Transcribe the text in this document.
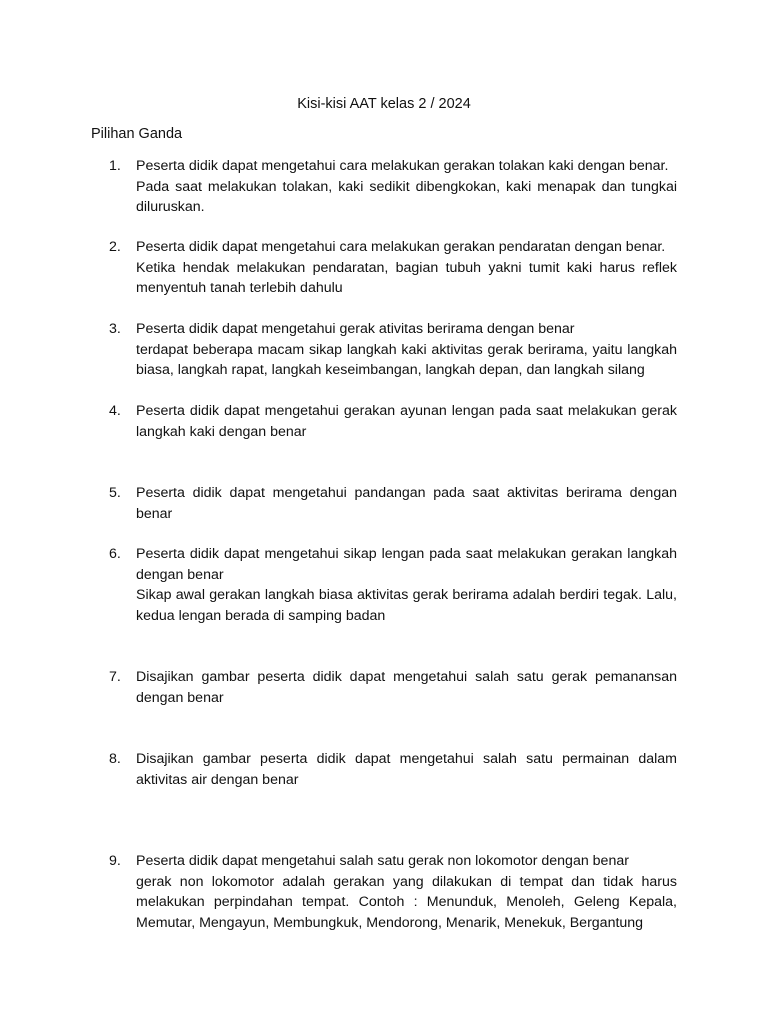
Kisi-kisi AAT kelas 2 / 2024
Pilihan Ganda
1.	Peserta didik dapat mengetahui cara melakukan gerakan tolakan kaki dengan benar.
Pada saat melakukan tolakan, kaki sedikit dibengkokan, kaki menapak dan tungkai diluruskan.
2.	Peserta didik dapat mengetahui cara melakukan gerakan pendaratan dengan benar.
Ketika hendak melakukan pendaratan, bagian tubuh yakni tumit kaki harus reflek menyentuh tanah terlebih dahulu
3.	Peserta didik dapat mengetahui gerak ativitas berirama dengan benar
terdapat beberapa macam sikap langkah kaki aktivitas gerak berirama, yaitu langkah biasa, langkah rapat, langkah keseimbangan, langkah depan, dan langkah silang
4.	Peserta didik dapat mengetahui gerakan ayunan lengan pada saat melakukan gerak langkah kaki dengan benar
5.	Peserta didik dapat mengetahui pandangan pada saat aktivitas berirama dengan benar
6.	Peserta didik dapat mengetahui sikap lengan pada saat melakukan gerakan langkah dengan benar
Sikap awal gerakan langkah biasa aktivitas gerak berirama adalah berdiri tegak. Lalu, kedua lengan berada di samping badan
7.	Disajikan gambar peserta didik dapat mengetahui salah satu gerak pemanansan dengan benar
8.	Disajikan gambar peserta didik dapat mengetahui salah satu permainan dalam aktivitas air dengan benar
9.	Peserta didik dapat mengetahui salah satu gerak non lokomotor dengan benar
gerak non lokomotor adalah gerakan yang dilakukan di tempat dan tidak harus melakukan perpindahan tempat. Contoh : Menunduk, Menoleh, Geleng Kepala, Memutar, Mengayun, Membungkuk, Mendorong, Menarik, Menekuk, Bergantung
